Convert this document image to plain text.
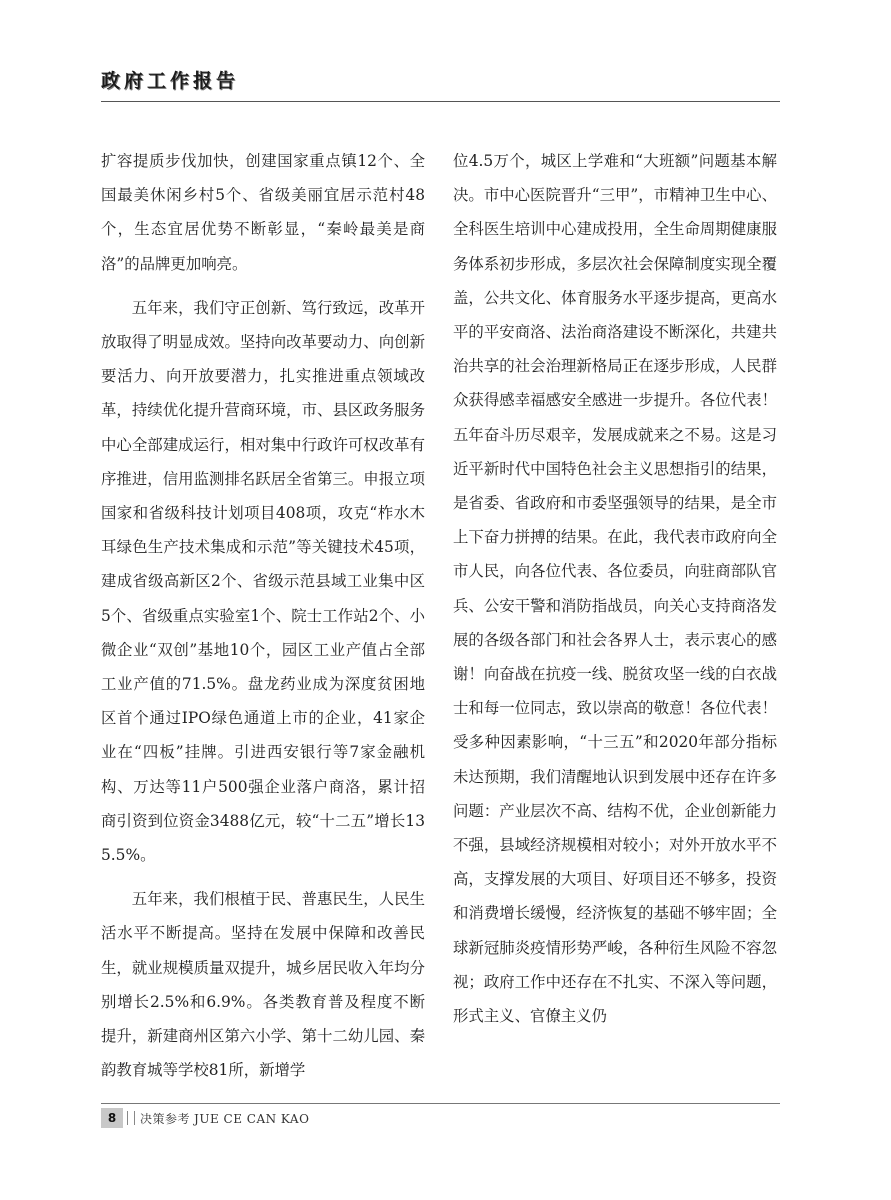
政府工作报告

扩容提质步伐加快，创建国家重点镇12个、全国最美休闲乡村5个、省级美丽宜居示范村48个，生态宜居优势不断彰显，“秦岭最美是商洛”的品牌更加响亮。

五年来，我们守正创新、笃行致远，改革开放取得了明显成效。坚持向改革要动力、向创新要活力、向开放要潜力，扎实推进重点领域改革，持续优化提升营商环境，市、县区政务服务中心全部建成运行，相对集中行政许可权改革有序推进，信用监测排名跃居全省第三。申报立项国家和省级科技计划项目408项，攻克“柞水木耳绿色生产技术集成和示范”等关键技术45项，建成省级高新区2个、省级示范县域工业集中区5个、省级重点实验室1个、院士工作站2个、小微企业“双创”基地10个，园区工业产值占全部工业产值的71.5%。盘龙药业成为深度贫困地区首个通过IPO绿色通道上市的企业，41家企业在“四板”挂牌。引进西安银行等7家金融机构、万达等11户500强企业落户商洛，累计招商引资到位资金3488亿元，较“十二五”增长135.5%。

五年来，我们根植于民、普惠民生，人民生活水平不断提高。坚持在发展中保障和改善民生，就业规模质量双提升，城乡居民收入年均分别增长2.5%和6.9%。各类教育普及程度不断提升，新建商州区第六小学、第十二幼儿园、秦韵教育城等学校81所，新增学

位4.5万个，城区上学难和“大班额”问题基本解决。市中心医院晋升“三甲”，市精神卫生中心、全科医生培训中心建成投用，全生命周期健康服务体系初步形成，多层次社会保障制度实现全覆盖，公共文化、体育服务水平逐步提高，更高水平的平安商洛、法治商洛建设不断深化，共建共治共享的社会治理新格局正在逐步形成，人民群众获得感幸福感安全感进一步提升。各位代表！五年奋斗历尽艰辛，发展成就来之不易。这是习近平新时代中国特色社会主义思想指引的结果，是省委、省政府和市委坚强领导的结果，是全市上下奋力拼搏的结果。在此，我代表市政府向全市人民，向各位代表、各位委员，向驻商部队官兵、公安干警和消防指战员，向关心支持商洛发展的各级各部门和社会各界人士，表示衷心的感谢！向奋战在抗疫一线、脱贫攻坚一线的白衣战士和每一位同志，致以崇高的敬意！各位代表！受多种因素影响，“十三五”和2020年部分指标未达预期，我们清醒地认识到发展中还存在许多问题：产业层次不高、结构不优，企业创新能力不强，县域经济规模相对较小；对外开放水平不高，支撑发展的大项目、好项目还不够多，投资和消费增长缓慢，经济恢复的基础不够牢固；全球新冠肺炎疫情形势严峻，各种衍生风险不容忽视；政府工作中还存在不扎实、不深入等问题，形式主义、官僚主义仍

8	决策参考 JUE CE CAN KAO
